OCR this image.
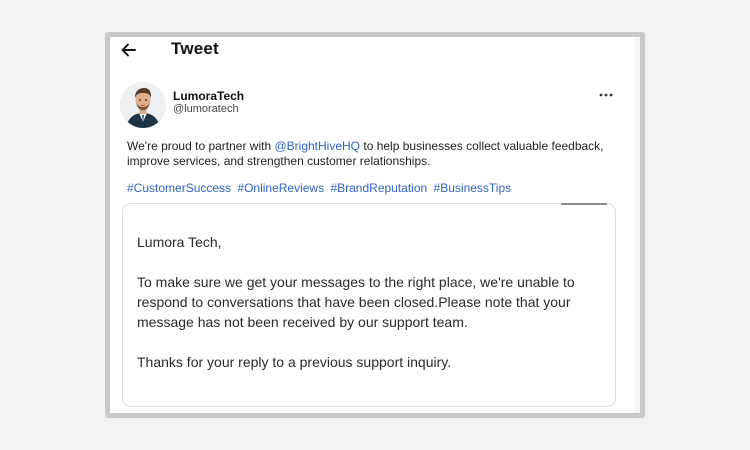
Tweet
LumoraTech
@lumoratech
We're proud to partner with @BrightHiveHQ to help businesses collect valuable feedback, improve services, and strengthen customer relationships.
#CustomerSuccess #OnlineReviews #BrandReputation #BusinessTips

Lumora Tech,

To make sure we get your messages to the right place, we're unable to respond to conversations that have been closed.Please note that your message has not been received by our support team.

Thanks for your reply to a previous support inquiry.
